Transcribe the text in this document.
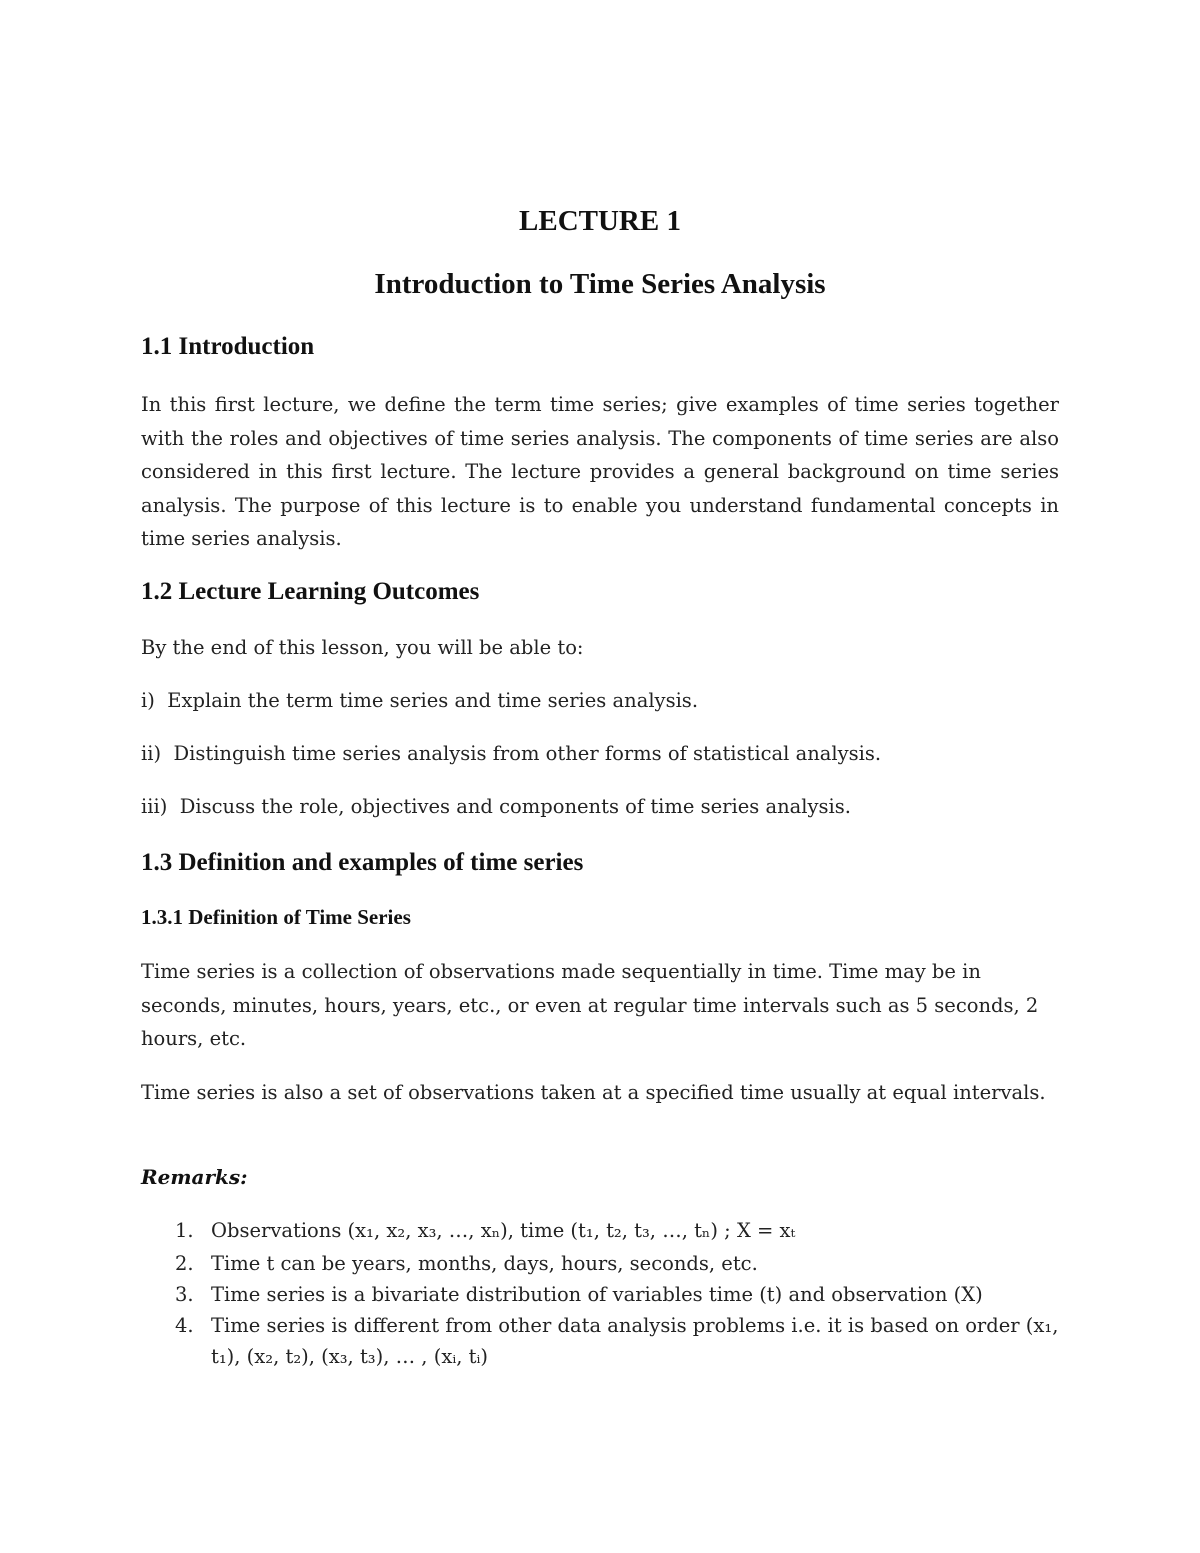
LECTURE 1
Introduction to Time Series Analysis
1.1 Introduction

In this first lecture, we define the term time series; give examples of time series together with the roles and objectives of time series analysis. The components of time series are also considered in this first lecture. The lecture provides a general background on time series analysis. The purpose of this lecture is to enable you understand fundamental concepts in time series analysis.

1.2 Lecture Learning Outcomes

By the end of this lesson, you will be able to:

i)  Explain the term time series and time series analysis.

ii)  Distinguish time series analysis from other forms of statistical analysis.

iii)  Discuss the role, objectives and components of time series analysis.

1.3 Definition and examples of time series
1.3.1 Definition of Time Series

Time series is a collection of observations made sequentially in time. Time may be in seconds, minutes, hours, years, etc., or even at regular time intervals such as 5 seconds, 2 hours, etc.

Time series is also a set of observations taken at a specified time usually at equal intervals.

Remarks:

1. Observations (x₁, x₂, x₃, …, xₙ), time (t₁, t₂, t₃, …, tₙ) ; X = xₜ
2. Time t can be years, months, days, hours, seconds, etc.
3. Time series is a bivariate distribution of variables time (t) and observation (X)
4. Time series is different from other data analysis problems i.e. it is based on order (x₁, t₁), (x₂, t₂), (x₃, t₃), … , (xᵢ, tᵢ)
